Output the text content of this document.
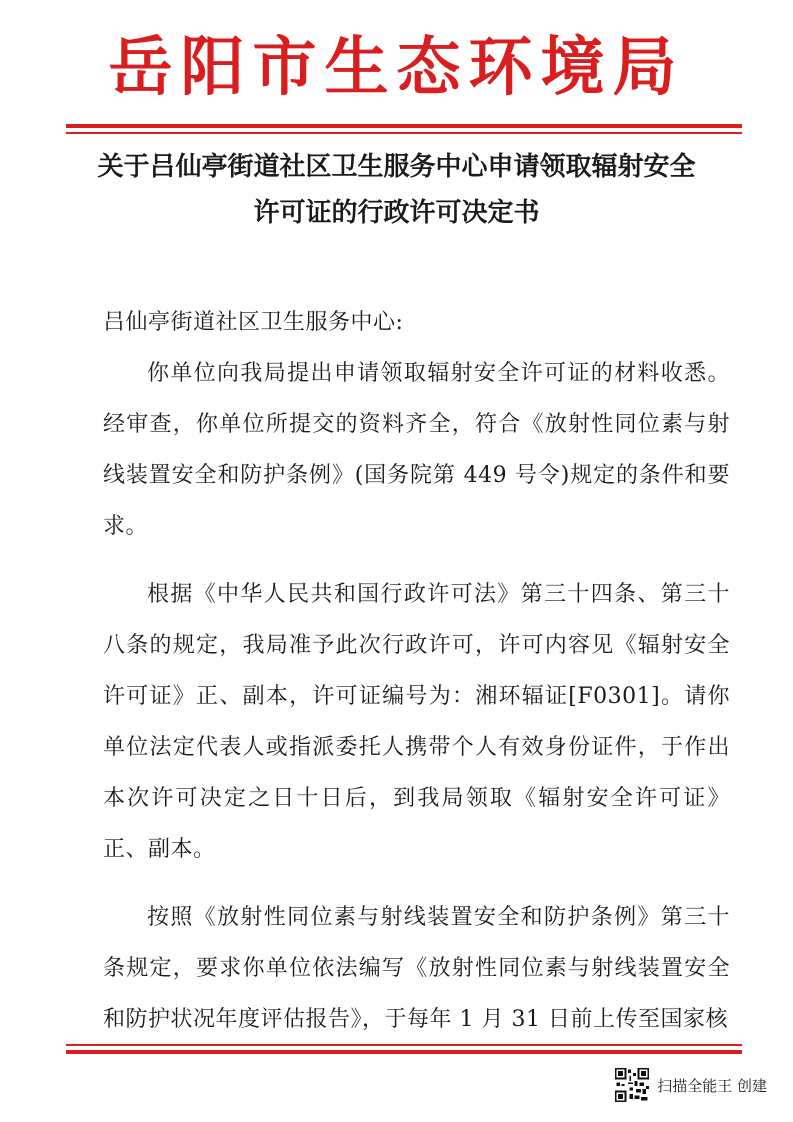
岳阳市生态环境局
关于吕仙亭街道社区卫生服务中心申请领取辐射安全
许可证的行政许可决定书

吕仙亭街道社区卫生服务中心:

你单位向我局提出申请领取辐射安全许可证的材料收悉。经审查，你单位所提交的资料齐全，符合《放射性同位素与射线装置安全和防护条例》(国务院第 449 号令)规定的条件和要求。

根据《中华人民共和国行政许可法》第三十四条、第三十八条的规定，我局准予此次行政许可，许可内容见《辐射安全许可证》正、副本，许可证编号为：湘环辐证[F0301]。请你单位法定代表人或指派委托人携带个人有效身份证件，于作出本次许可决定之日十日后，到我局领取《辐射安全许可证》正、副本。

按照《放射性同位素与射线装置安全和防护条例》第三十条规定，要求你单位依法编写《放射性同位素与射线装置安全和防护状况年度评估报告》，于每年 1 月 31 日前上传至国家核

扫描全能王 创建
